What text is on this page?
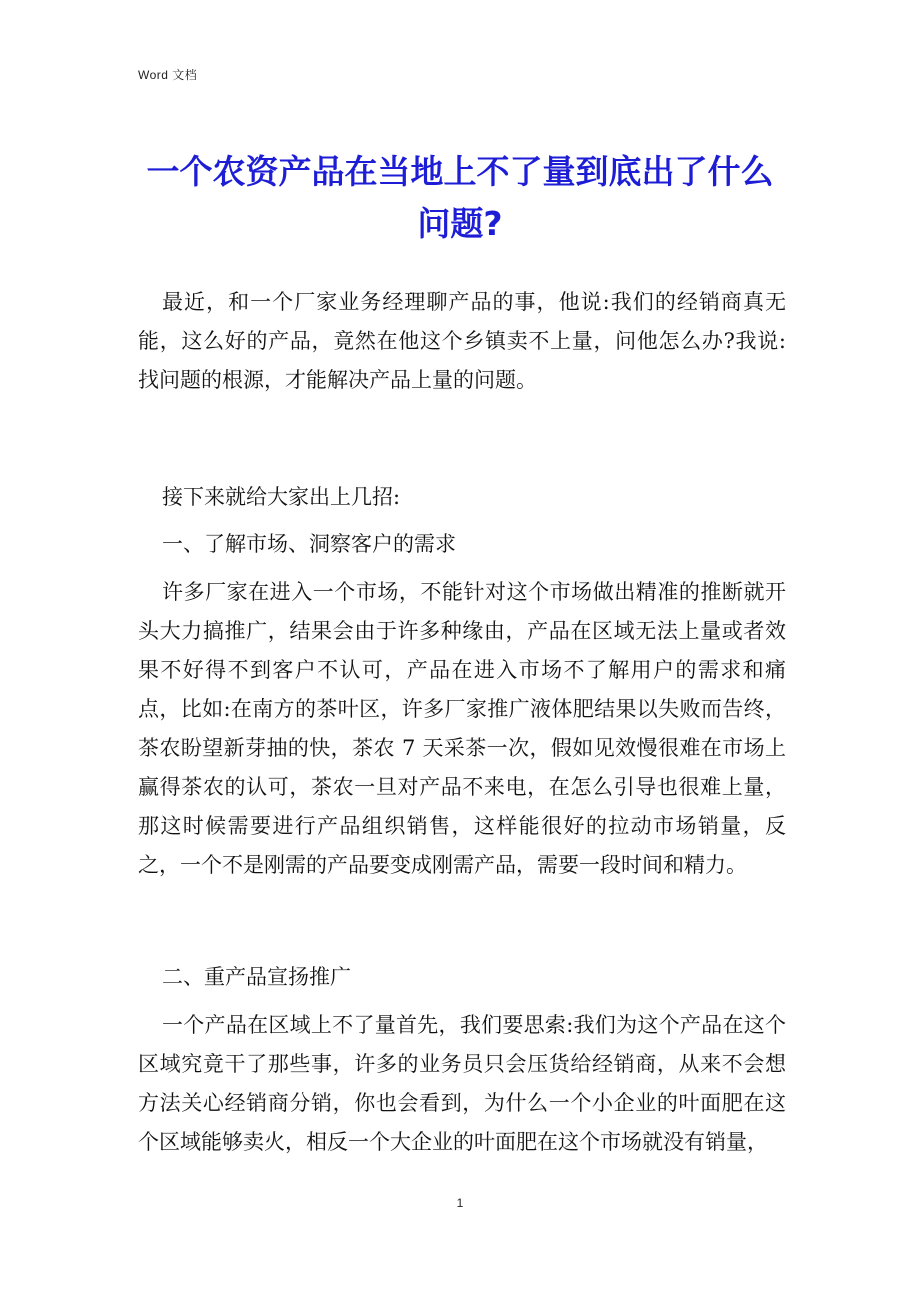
Word 文档
一个农资产品在当地上不了量到底出了什么问题?
最近，和一个厂家业务经理聊产品的事，他说:我们的经销商真无能，这么好的产品，竟然在他这个乡镇卖不上量，问他怎么办?我说:找问题的根源，才能解决产品上量的问题。
接下来就给大家出上几招:
一、了解市场、洞察客户的需求
许多厂家在进入一个市场，不能针对这个市场做出精准的推断就开头大力搞推广，结果会由于许多种缘由，产品在区域无法上量或者效果不好得不到客户不认可，产品在进入市场不了解用户的需求和痛点，比如:在南方的茶叶区，许多厂家推广液体肥结果以失败而告终，茶农盼望新芽抽的快，茶农 7 天采茶一次，假如见效慢很难在市场上赢得茶农的认可，茶农一旦对产品不来电，在怎么引导也很难上量，那这时候需要进行产品组织销售，这样能很好的拉动市场销量，反之，一个不是刚需的产品要变成刚需产品，需要一段时间和精力。
二、重产品宣扬推广
一个产品在区域上不了量首先，我们要思索:我们为这个产品在这个区域究竟干了那些事，许多的业务员只会压货给经销商，从来不会想方法关心经销商分销，你也会看到，为什么一个小企业的叶面肥在这个区域能够卖火，相反一个大企业的叶面肥在这个市场就没有销量，
1
